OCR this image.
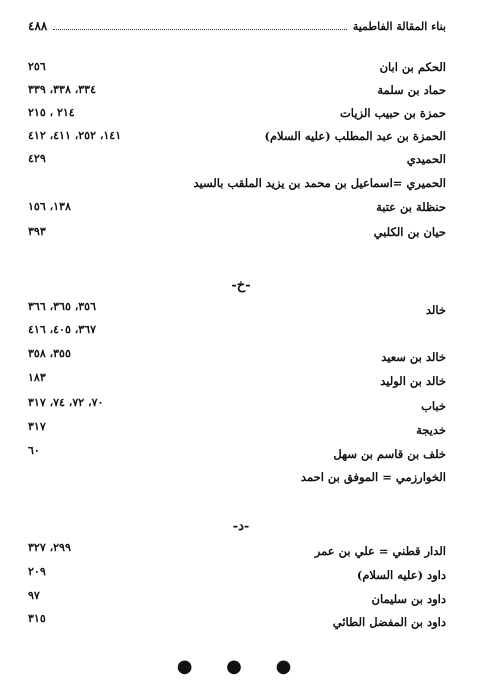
بناء المقالة الفاطمية
٤٨٨
الحكم بن ابان
٢٥٦
حماد بن سلمة
٣٣٤، ٣٣٨، ٣٣٩
حمزة بن حبيب الزيات
٢١٤ ، ٢١٥
الحمزة بن عبد المطلب (عليه السلام)
١٤١، ٢٥٢، ٤١١، ٤١٢
الحميدي
٤٢٩
الحميري =اسماعيل بن محمد بن يزيد الملقب بالسيد
حنظلة بن عتبة
١٣٨، ١٥٦
حيان بن الكلبي
٣٩٣
-خ-
خالد
٣٥٦، ٣٦٥، ٣٦٦
٣٦٧، ٤٠٥، ٤١٦
خالد بن سعيد
٣٥٥، ٣٥٨
خالد بن الوليد
١٨٣
خباب
٧٠، ٧٢، ٧٤، ٣١٧
خديجة
٣١٧
خلف بن قاسم بن سهل
٦٠
الخوارزمي = الموفق بن احمد
-د-
الدار قطني = علي بن عمر
٢٩٩، ٣٢٧
داود (عليه السلام)
٢٠٩
داود بن سليمان
٩٧
داود بن المفضل الطائي
٣١٥
● ● ●
